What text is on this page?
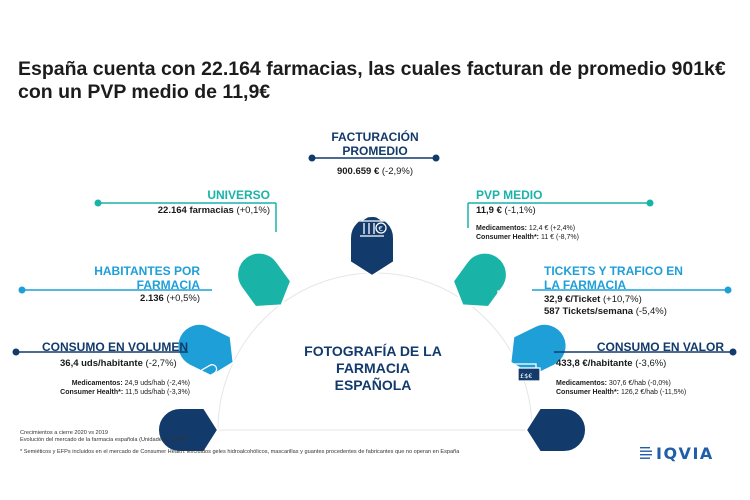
España cuenta con 22.164 farmacias, las cuales facturan de promedio 901k€
con un PVP medio de 11,9€
€
£$€
$
£$€
FOTOGRAFÍA DE LA
FARMACIA
ESPAÑOLA
FACTURACIÓN
PROMEDIO
900.659 € (-2,9%)
UNIVERSO
22.164 farmacias (+0,1%)
PVP MEDIO
11,9 € (-1,1%)
Medicamentos: 12,4 € (+2,4%)
Consumer Health*: 11 € (-8,7%)
HABITANTES POR
FARMACIA
2.136 (+0,5%)
TICKETS Y TRAFICO EN
LA FARMACIA
32,9 €/Ticket (+10,7%)
587 Tickets/semana (-5,4%)
CONSUMO EN VOLUMEN
36,4 uds/habitante (-2,7%)
Medicamentos: 24,9 uds/hab (-2,4%)
Consumer Health*: 11,5 uds/hab (-3,3%)
CONSUMO EN VALOR
433,8 €/habitante (-3,6%)
Medicamentos: 307,6 €/hab (-0,0%)
Consumer Health*: 126,2 €/hab (-11,5%)
Crecimientos a cierre 2020 vs 2019
Evolución del mercado de la farmacia española (Unidades y € PVP)
* Semiéticos y EFPs incluidos en el mercado de Consumer Health. Excluidos geles hidroalcohólicos, mascarillas y guantes procedentes de fabricantes que no operan en España	IQVIA
